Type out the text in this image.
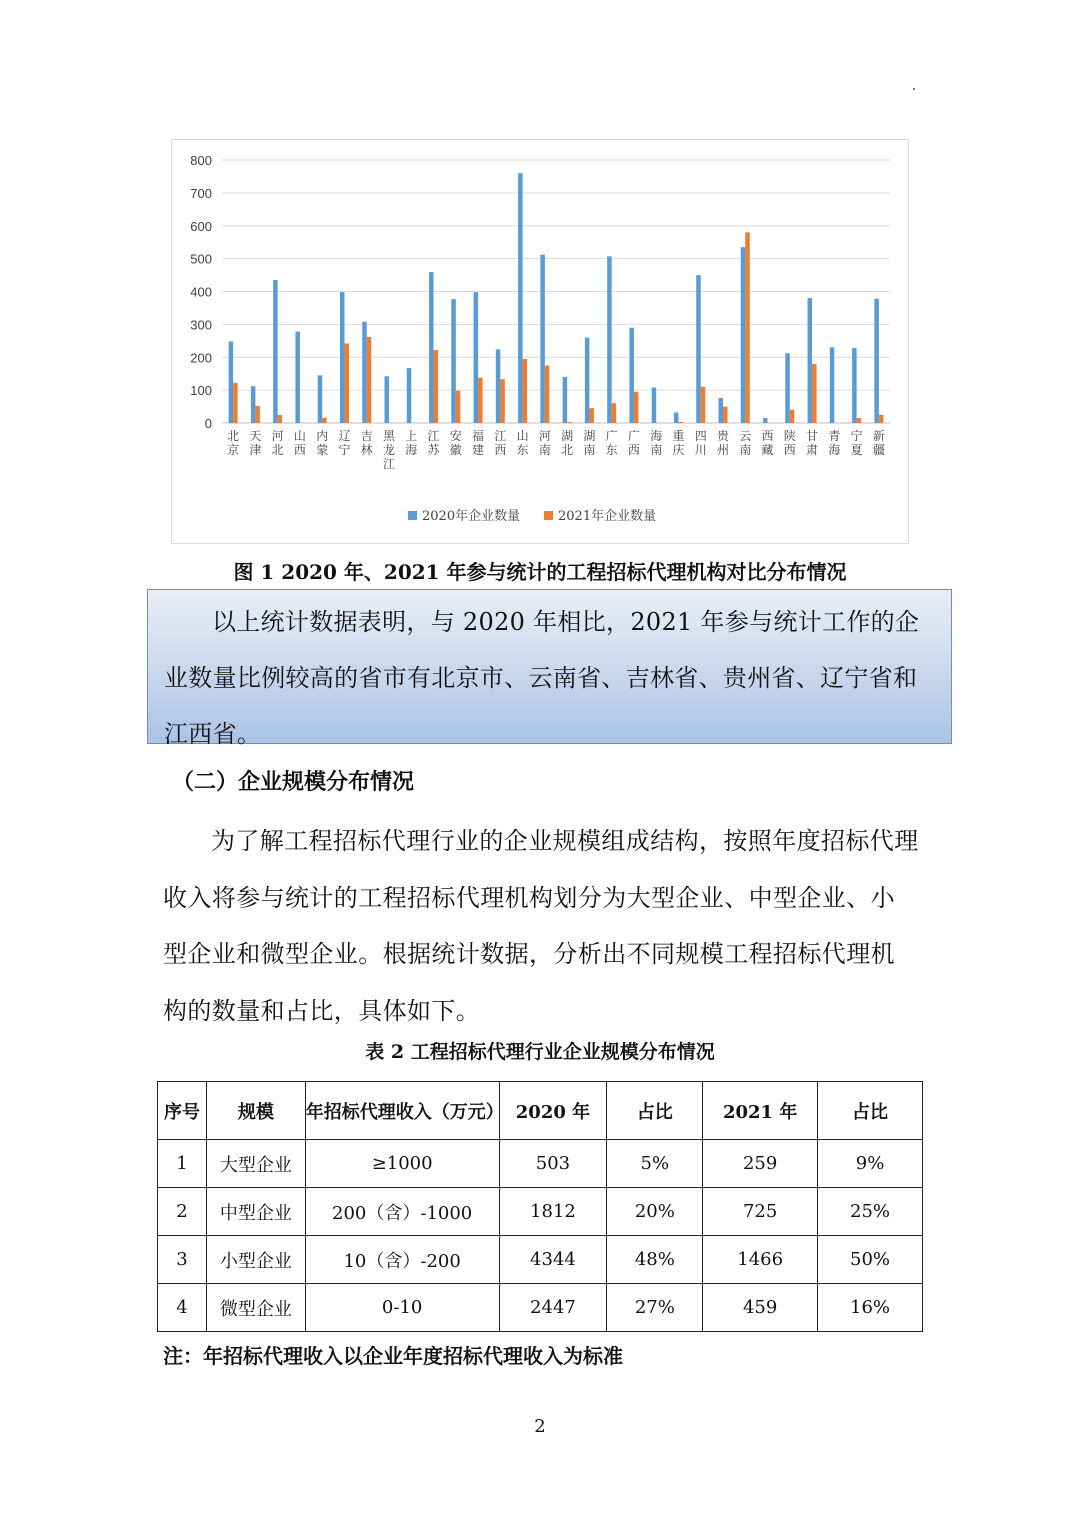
0
100
200
300
400
500
600
700
800
北
京
天
津
河
北
山
西
内
蒙
辽
宁
吉
林
黑
龙
江
上
海
江
苏
安
徽
福
建
江
西
山
东
河
南
湖
北
湖
南
广
东
广
西
海
南
重
庆
四
川
贵
州
云
南
西
藏
陕
西
甘
肃
青
海
宁
夏
新
疆
2020年企业数量	2021年企业数量
图 1 2020 年、2021 年参与统计的工程招标代理机构对比分布情况

以上统计数据表明，与 2020 年相比，2021 年参与统计工作的企业数量比例较高的省市有北京市、云南省、吉林省、贵州省、辽宁省和江西省。

（二）企业规模分布情况

为了解工程招标代理行业的企业规模组成结构，按照年度招标代理收入将参与统计的工程招标代理机构划分为大型企业、中型企业、小型企业和微型企业。根据统计数据，分析出不同规模工程招标代理机构的数量和占比，具体如下。

表 2 工程招标代理行业企业规模分布情况
序号	规模	年招标代理收入（万元）	2020 年	占比	2021 年	占比
1	大型企业	≥1000	503	5%	259	9%
2	中型企业	200（含）-1000	1812	20%	725	25%
3	小型企业	10（含）-200	4344	48%	1466	50%
4	微型企业	0-10	2447	27%	459	16%
注：年招标代理收入以企业年度招标代理收入为标准
2
